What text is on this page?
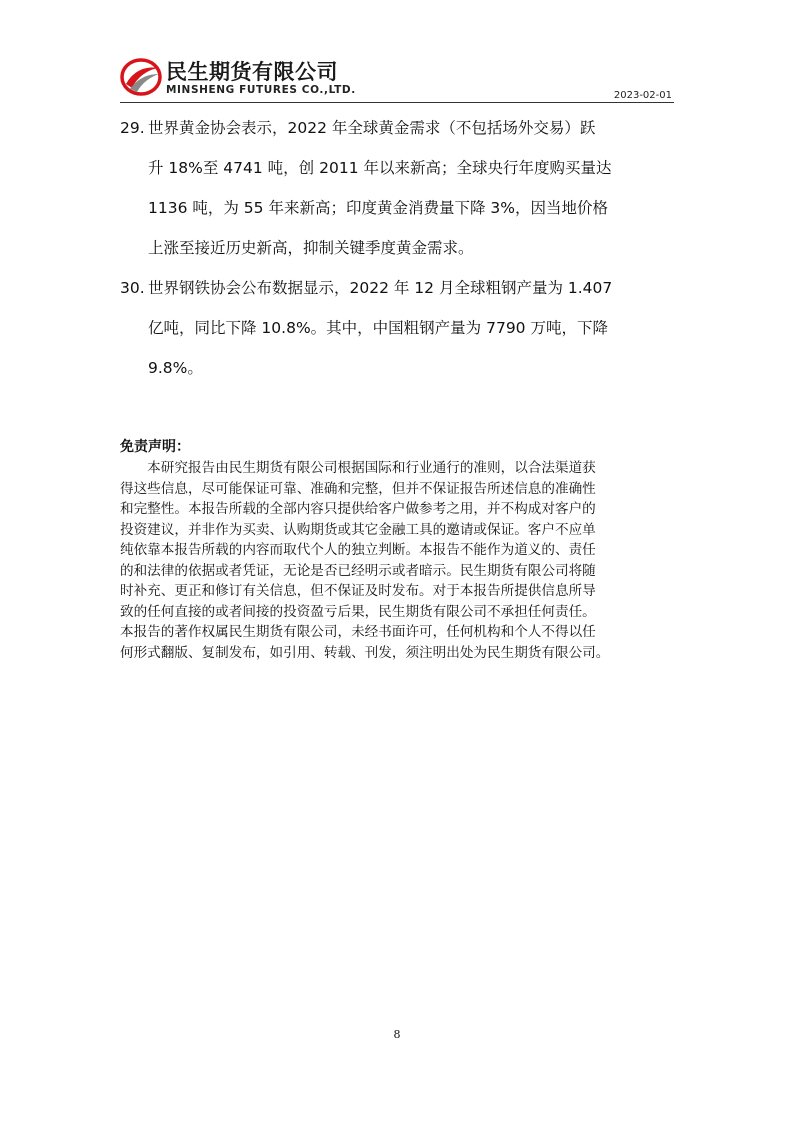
民生期货有限公司
MINSHENG FUTURES CO.,LTD.	2023-02-01
29. 世界黄金协会表示，2022 年全球黄金需求（不包括场外交易）跃
升 18%至 4741 吨，创 2011 年以来新高；全球央行年度购买量达
1136 吨，为 55 年来新高；印度黄金消费量下降 3%，因当地价格
上涨至接近历史新高，抑制关键季度黄金需求。
30. 世界钢铁协会公布数据显示，2022 年 12 月全球粗钢产量为 1.407
亿吨，同比下降 10.8%。其中，中国粗钢产量为 7790 万吨，下降
9.8%。
免责声明：
　　本研究报告由民生期货有限公司根据国际和行业通行的准则，以合法渠道获
得这些信息，尽可能保证可靠、准确和完整，但并不保证报告所述信息的准确性
和完整性。本报告所载的全部内容只提供给客户做参考之用，并不构成对客户的
投资建议，并非作为买卖、认购期货或其它金融工具的邀请或保证。客户不应单
纯依靠本报告所载的内容而取代个人的独立判断。本报告不能作为道义的、责任
的和法律的依据或者凭证，无论是否已经明示或者暗示。民生期货有限公司将随
时补充、更正和修订有关信息，但不保证及时发布。对于本报告所提供信息所导
致的任何直接的或者间接的投资盈亏后果，民生期货有限公司不承担任何责任。
本报告的著作权属民生期货有限公司，未经书面许可，任何机构和个人不得以任
何形式翻版、复制发布，如引用、转载、刊发，须注明出处为民生期货有限公司。
8
